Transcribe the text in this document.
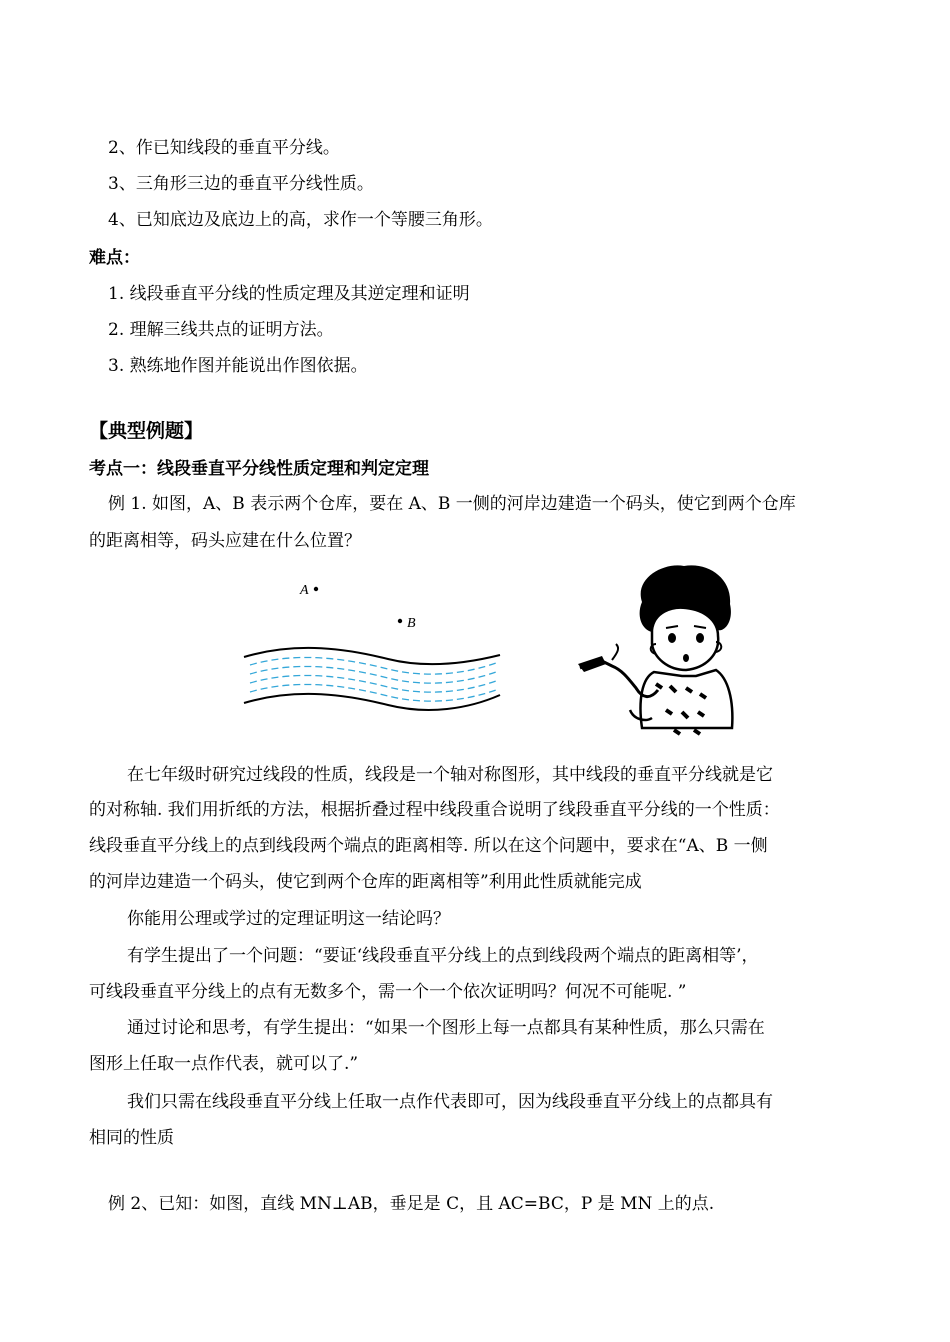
2、作已知线段的垂直平分线。
3、三角形三边的垂直平分线性质。
4、已知底边及底边上的高，求作一个等腰三角形。
难点：
1. 线段垂直平分线的性质定理及其逆定理和证明
2. 理解三线共点的证明方法。
3. 熟练地作图并能说出作图依据。
【典型例题】
考点一：线段垂直平分线性质定理和判定定理
例 1. 如图，A、B 表示两个仓库，要在 A、B 一侧的河岸边建造一个码头，使它到两个仓库
的距离相等，码头应建在什么位置？
A
B
在七年级时研究过线段的性质，线段是一个轴对称图形，其中线段的垂直平分线就是它
的对称轴. 我们用折纸的方法，根据折叠过程中线段重合说明了线段垂直平分线的一个性质：
线段垂直平分线上的点到线段两个端点的距离相等. 所以在这个问题中，要求在“A、B 一侧
的河岸边建造一个码头，使它到两个仓库的距离相等”利用此性质就能完成
你能用公理或学过的定理证明这一结论吗？
有学生提出了一个问题：“要证‘线段垂直平分线上的点到线段两个端点的距离相等’，
可线段垂直平分线上的点有无数多个，需一个一个依次证明吗？何况不可能呢. ”
通过讨论和思考，有学生提出：“如果一个图形上每一点都具有某种性质，那么只需在
图形上任取一点作代表，就可以了.”
我们只需在线段垂直平分线上任取一点作代表即可，因为线段垂直平分线上的点都具有
相同的性质
例 2、已知：如图，直线 MN⊥AB，垂足是 C，且 AC=BC，P 是 MN 上的点.
